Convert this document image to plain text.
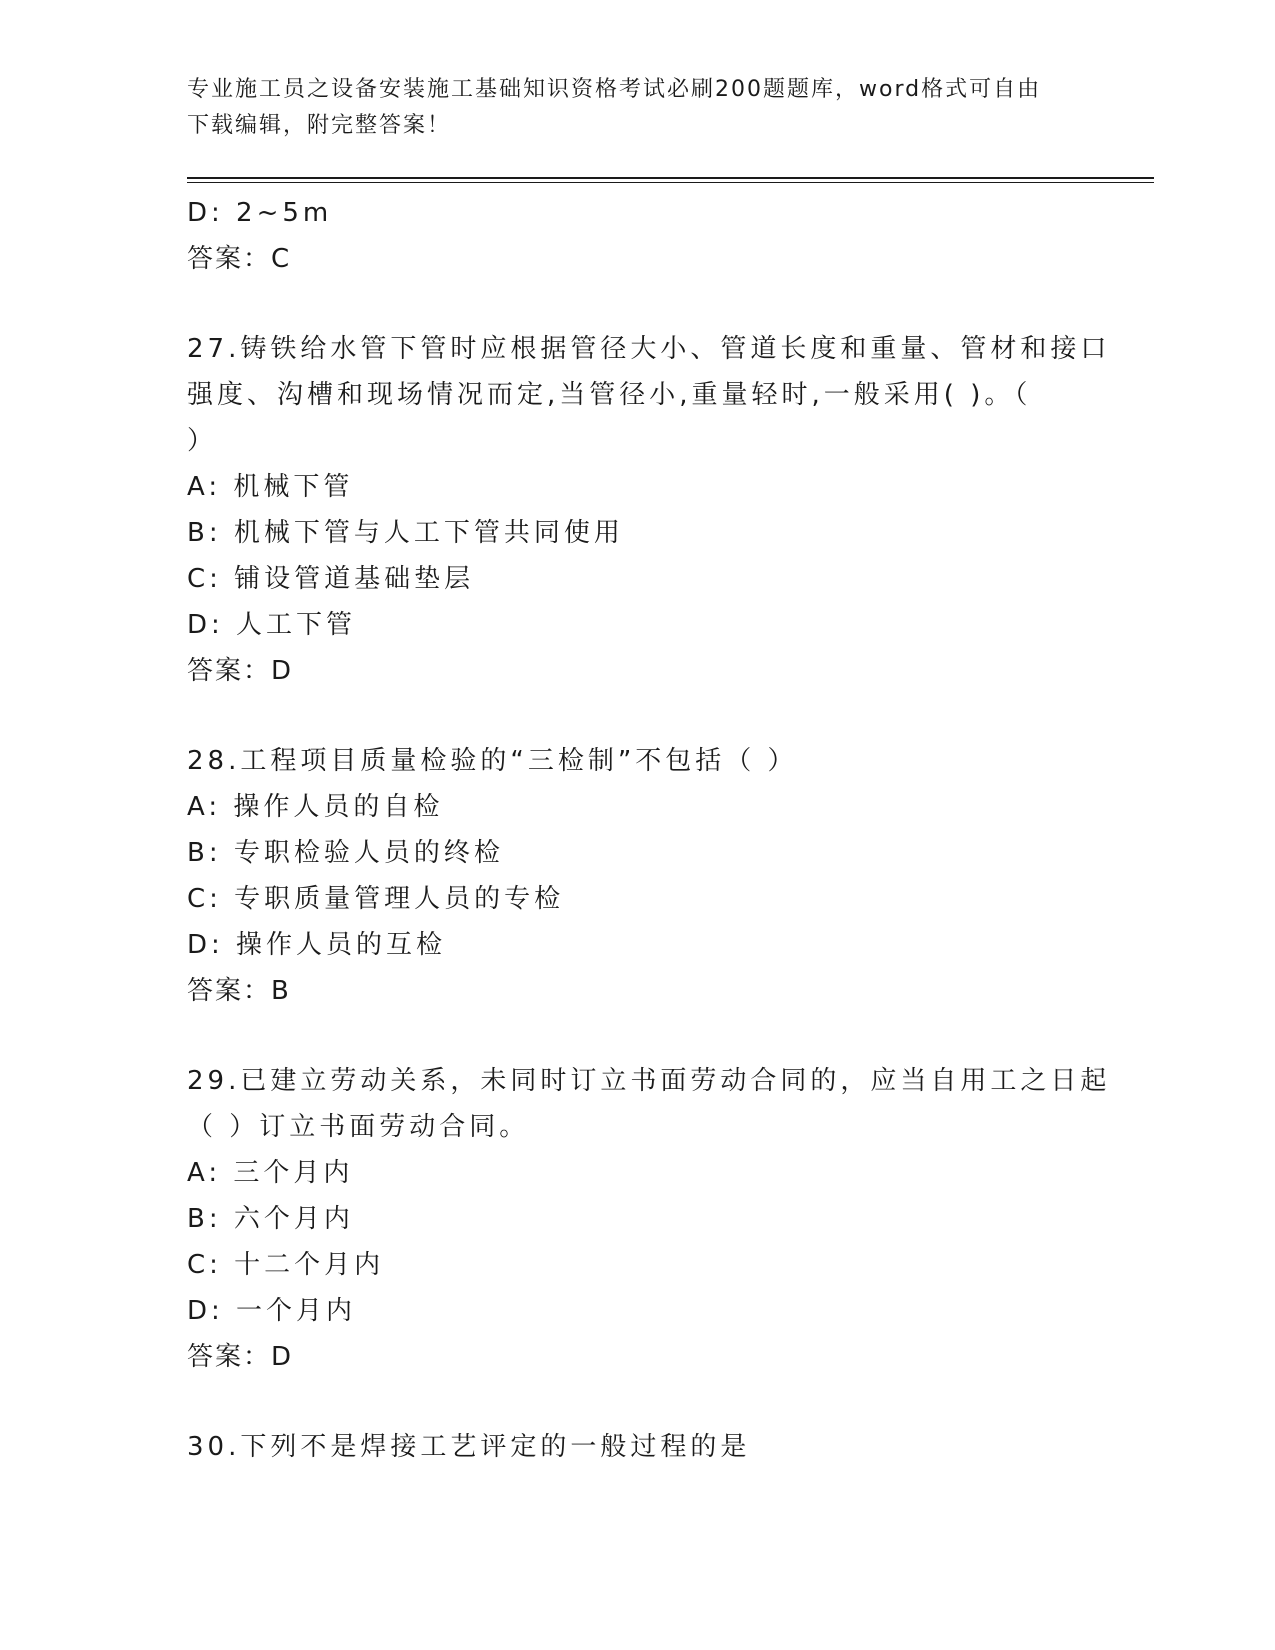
专业施工员之设备安装施工基础知识资格考试必刷200题题库，word格式可自由
下载编辑，附完整答案！
D: 2~5m
答案：C
27.铸铁给水管下管时应根据管径大小、管道长度和重量、管材和接口
强度、沟槽和现场情况而定,当管径小,重量轻时,一般采用( )。（
）
A: 机械下管
B: 机械下管与人工下管共同使用
C: 铺设管道基础垫层
D: 人工下管
答案：D
28.工程项目质量检验的“三检制”不包括（ ）
A: 操作人员的自检
B: 专职检验人员的终检
C: 专职质量管理人员的专检
D: 操作人员的互检
答案：B
29.已建立劳动关系，未同时订立书面劳动合同的，应当自用工之日起
（ ）订立书面劳动合同。
A: 三个月内
B: 六个月内
C: 十二个月内
D: 一个月内
答案：D
30.下列不是焊接工艺评定的一般过程的是
